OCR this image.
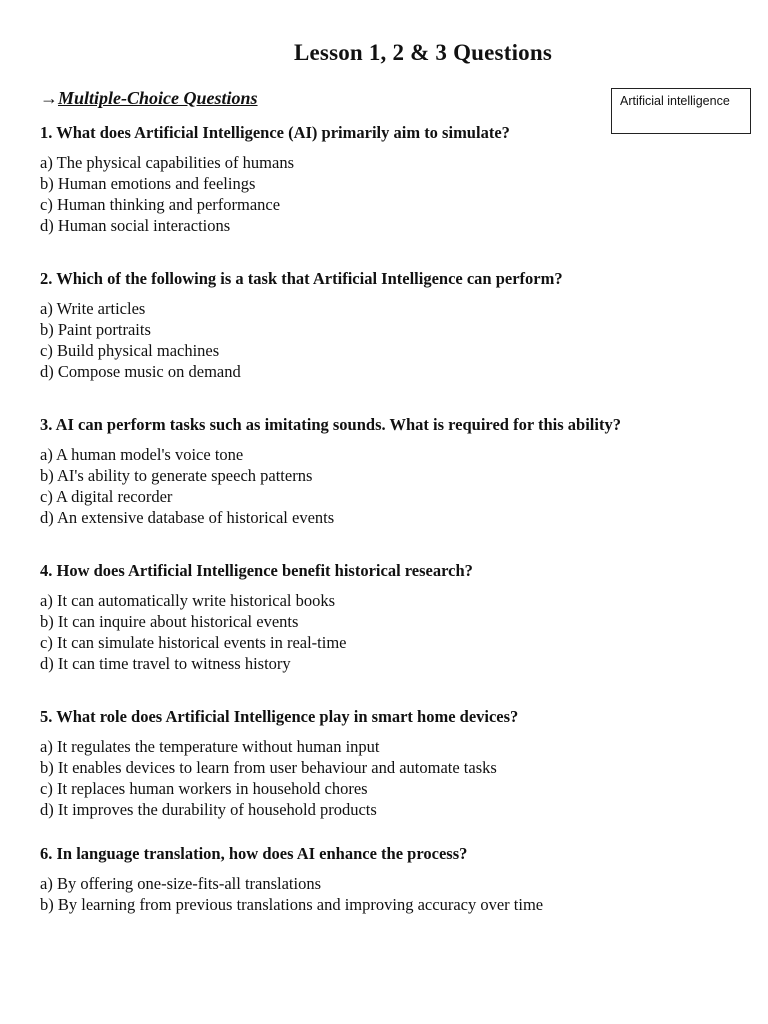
Lesson 1, 2 & 3 Questions
→Multiple-Choice Questions	Artificial intelligence

1. What does Artificial Intelligence (AI) primarily aim to simulate?

a) The physical capabilities of humans
b) Human emotions and feelings
c) Human thinking and performance
d) Human social interactions

2. Which of the following is a task that Artificial Intelligence can perform?

a) Write articles
b) Paint portraits
c) Build physical machines
d) Compose music on demand

3. AI can perform tasks such as imitating sounds. What is required for this ability?

a) A human model's voice tone
b) AI's ability to generate speech patterns
c) A digital recorder
d) An extensive database of historical events

4. How does Artificial Intelligence benefit historical research?

a) It can automatically write historical books
b) It can inquire about historical events
c) It can simulate historical events in real-time
d) It can time travel to witness history

5. What role does Artificial Intelligence play in smart home devices?

a) It regulates the temperature without human input
b) It enables devices to learn from user behaviour and automate tasks
c) It replaces human workers in household chores
d) It improves the durability of household products

6. In language translation, how does AI enhance the process?

a) By offering one-size-fits-all translations
b) By learning from previous translations and improving accuracy over time
